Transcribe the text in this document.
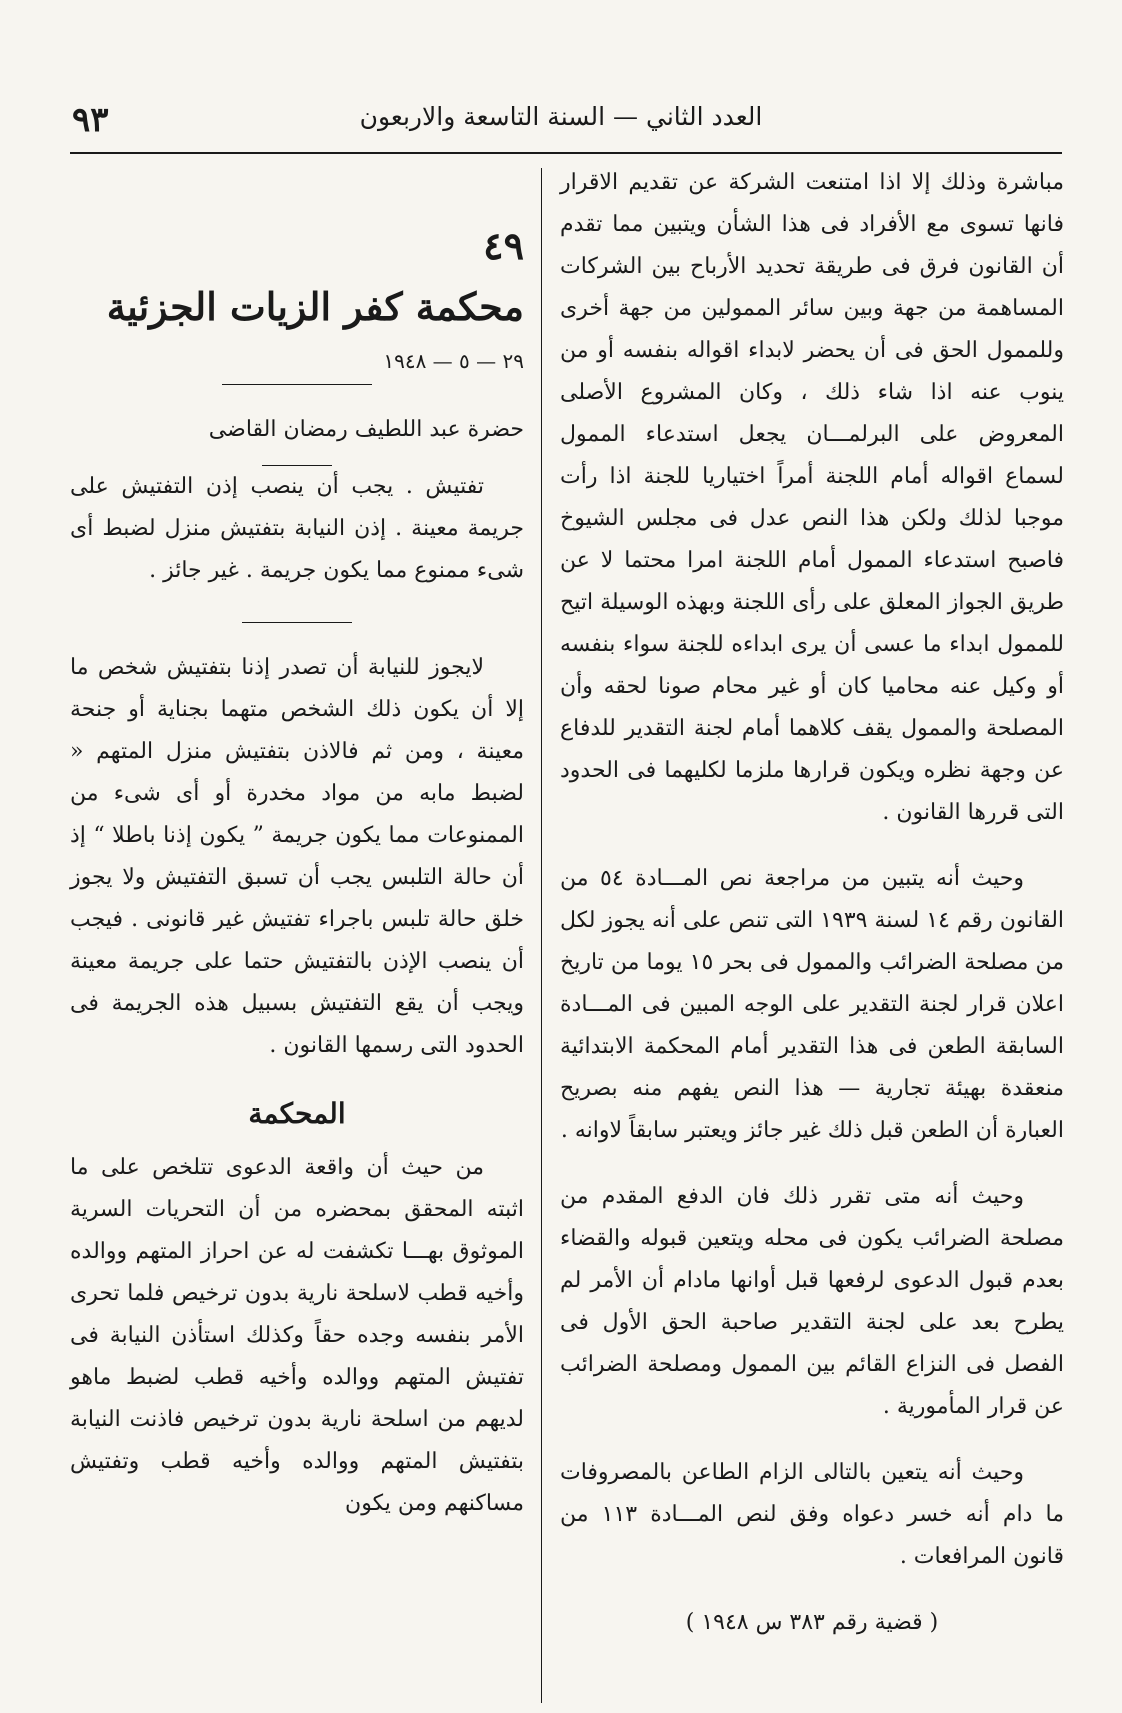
٩٣	العدد الثاني — السنة التاسعة والاربعون

مباشرة وذلك إلا اذا امتنعت الشركة عن تقديم الاقرار فانها تسوى مع الأفراد فى هذا الشأن ويتبين مما تقدم أن القانون فرق فى طريقة تحديد الأرباح بين الشركات المساهمة من جهة وبين سائر الممولين من جهة أخرى وللممول الحق فى أن يحضر لابداء اقواله بنفسه أو من ينوب عنه اذا شاء ذلك ، وكان المشروع الأصلى المعروض على البرلمـــان يجعل استدعاء الممول لسماع اقواله أمام اللجنة أمراً اختياريا للجنة اذا رأت موجبا لذلك ولكن هذا النص عدل فى مجلس الشيوخ فاصبح استدعاء الممول أمام اللجنة امرا محتما لا عن طريق الجواز المعلق على رأى اللجنة وبهذه الوسيلة اتيح للممول ابداء ما عسى أن يرى ابداءه للجنة سواء بنفسه أو وكيل عنه محاميا كان أو غير محام صونا لحقه وأن المصلحة والممول يقف كلاهما أمام لجنة التقدير للدفاع عن وجهة نظره ويكون قرارها ملزما لكليهما فى الحدود التى قررها القانون .

وحيث أنه يتبين من مراجعة نص المـــادة ٥٤ من القانون رقم ١٤ لسنة ١٩٣٩ التى تنص على أنه يجوز لكل من مصلحة الضرائب والممول فى بحر ١٥ يوما من تاريخ اعلان قرار لجنة التقدير على الوجه المبين فى المـــادة السابقة الطعن فى هذا التقدير أمام المحكمة الابتدائية منعقدة بهيئة تجارية — هذا النص يفهم منه بصريح العبارة أن الطعن قبل ذلك غير جائز ويعتبر سابقاً لاوانه .

وحيث أنه متى تقرر ذلك فان الدفع المقدم من مصلحة الضرائب يكون فى محله ويتعين قبوله والقضاء بعدم قبول الدعوى لرفعها قبل أوانها مادام أن الأمر لم يطرح بعد على لجنة التقدير صاحبة الحق الأول فى الفصل فى النزاع القائم بين الممول ومصلحة الضرائب عن قرار المأمورية .

وحيث أنه يتعين بالتالى الزام الطاعن بالمصروفات ما دام أنه خسر دعواه وفق لنص المـــادة ١١٣ من قانون المرافعات .

( قضية رقم ٣٨٣ س ١٩٤٨ )
٤٩
محكمة كفر الزيات الجزئية
٢٩ — ٥ — ١٩٤٨
حضرة عبد اللطيف رمضان القاضى

تفتيش . يجب أن ينصب إذن التفتيش على جريمة معينة . إذن النيابة بتفتيش منزل لضبط أى شىء ممنوع مما يكون جريمة . غير جائز .

لايجوز للنيابة أن تصدر إذنا بتفتيش شخص ما إلا أن يكون ذلك الشخص متهما بجناية أو جنحة معينة ، ومن ثم فالاذن بتفتيش منزل المتهم « لضبط مابه من مواد مخدرة أو أى شىء من الممنوعات مما يكون جريمة ” يكون إذنا باطلا “ إذ أن حالة التلبس يجب أن تسبق التفتيش ولا يجوز خلق حالة تلبس باجراء تفتيش غير قانونى . فيجب أن ينصب الإذن بالتفتيش حتما على جريمة معينة ويجب أن يقع التفتيش بسبيل هذه الجريمة فى الحدود التى رسمها القانون .

المحكمة

من حيث أن واقعة الدعوى تتلخص على ما اثبته المحقق بمحضره من أن التحريات السرية الموثوق بهـــا تكشفت له عن احراز المتهم ووالده وأخيه قطب لاسلحة نارية بدون ترخيص فلما تحرى الأمر بنفسه وجده حقاً وكذلك استأذن النيابة فى تفتيش المتهم ووالده وأخيه قطب لضبط ماهو لديهم من اسلحة نارية بدون ترخيص فاذنت النيابة بتفتيش المتهم ووالده وأخيه قطب وتفتيش مساكنهم ومن يكون
